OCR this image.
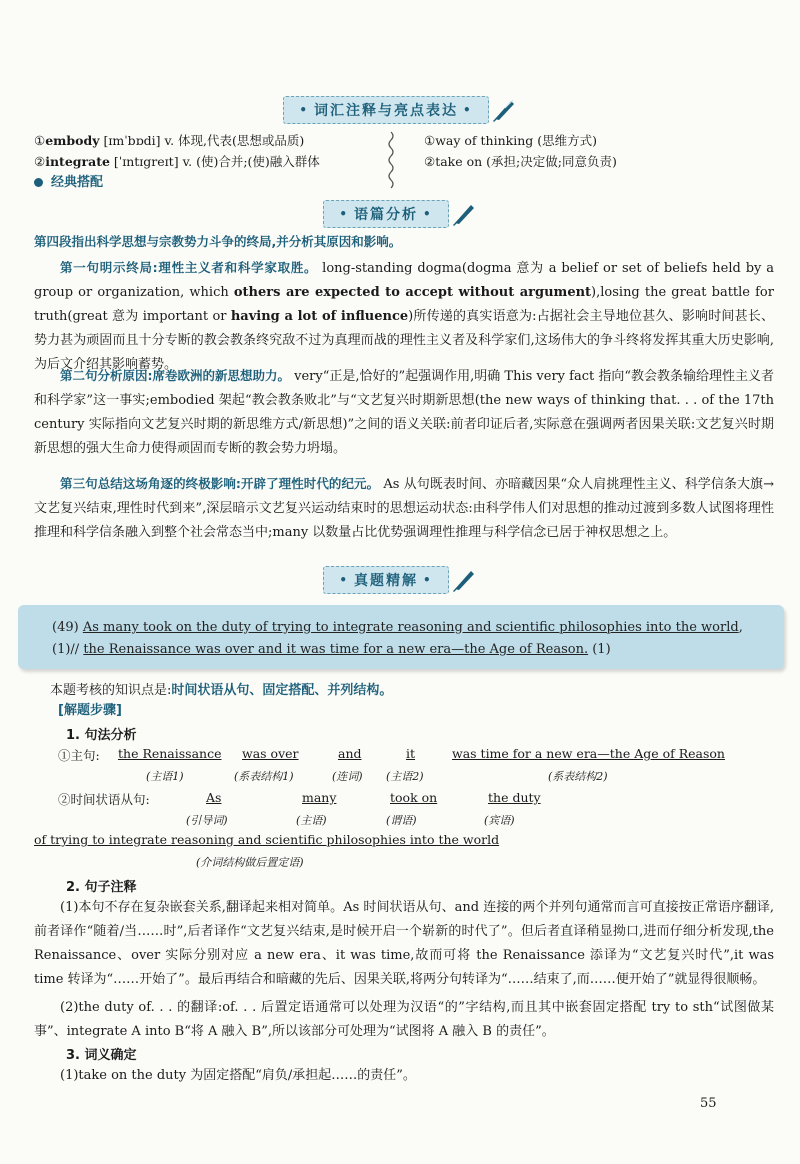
• 词汇注释与亮点表达 •
①embody [ɪmˈbɒdi] v. 体现,代表(思想或品质)
②integrate [ˈɪntɪgreɪt] v. (使)合并;(使)融入群体
经典搭配
①way of thinking (思维方式)
②take on (承担;决定做;同意负责)
• 语篇分析 •
第四段指出科学思想与宗教势力斗争的终局,并分析其原因和影响。
第一句明示终局:理性主义者和科学家取胜。 long-standing dogma(dogma 意为 a belief or set of beliefs held by a group or organization, which others are expected to accept without argument),losing the great battle for truth(great 意为 important or having a lot of influence)所传递的真实语意为:占据社会主导地位甚久、影响时间甚长、势力甚为顽固而且十分专断的教会教条终究敌不过为真理而战的理性主义者及科学家们,这场伟大的争斗终将发挥其重大历史影响,为后文介绍其影响蓄势。
第二句分析原因:席卷欧洲的新思想助力。 very“正是,恰好的”起强调作用,明确 This very fact 指向“教会教条输给理性主义者和科学家”这一事实;embodied 架起“教会教条败北”与“文艺复兴时期新思想(the new ways of thinking that. . . of the 17th century 实际指向文艺复兴时期的新思维方式/新思想)”之间的语义关联:前者印证后者,实际意在强调两者因果关联:文艺复兴时期新思想的强大生命力使得顽固而专断的教会势力坍塌。
第三句总结这场角逐的终极影响:开辟了理性时代的纪元。 As 从句既表时间、亦暗藏因果“众人肩挑理性主义、科学信条大旗→文艺复兴结束,理性时代到来”,深层暗示文艺复兴运动结束时的思想运动状态:由科学伟人们对思想的推动过渡到多数人试图将理性推理和科学信条融入到整个社会常态当中;many 以数量占比优势强调理性推理与科学信念已居于神权思想之上。
• 真题精解 •
(49) As many took on the duty of trying to integrate reasoning and scientific philosophies into the world, (1)// the Renaissance was over and it was time for a new era—the Age of Reason. (1)
本题考核的知识点是:时间状语从句、固定搭配、并列结构。
[解题步骤]
1. 句法分析
①主句: the Renaissance was over	and	it	was time for a new era—the Age of Reason
(主语1)	(系表结构1)	(连词) (主语2)	(系表结构2)
②时间状语从句:	As	many	took on	the duty
(引导词)	(主语)	(谓语)	(宾语)
of trying to integrate reasoning and scientific philosophies into the world
(介词结构做后置定语)
2. 句子注释
(1)本句不存在复杂嵌套关系,翻译起来相对简单。As 时间状语从句、and 连接的两个并列句通常而言可直接按正常语序翻译,前者译作“随着/当……时”,后者译作“文艺复兴结束,是时候开启一个崭新的时代了”。但后者直译稍显拗口,进而仔细分析发现,the Renaissance、over 实际分别对应 a new era、it was time,故而可将 the Renaissance 添译为“文艺复兴时代”,it was time 转译为“……开始了”。最后再结合和暗藏的先后、因果关联,将两分句转译为“……结束了,而……便开始了”就显得很顺畅。
(2)the duty of. . . 的翻译:of. . . 后置定语通常可以处理为汉语“的”字结构,而且其中嵌套固定搭配 try to sth“试图做某事”、integrate A into B“将 A 融入 B”,所以该部分可处理为“试图将 A 融入 B 的责任”。
3. 词义确定
(1)take on the duty 为固定搭配“肩负/承担起……的责任”。
55
